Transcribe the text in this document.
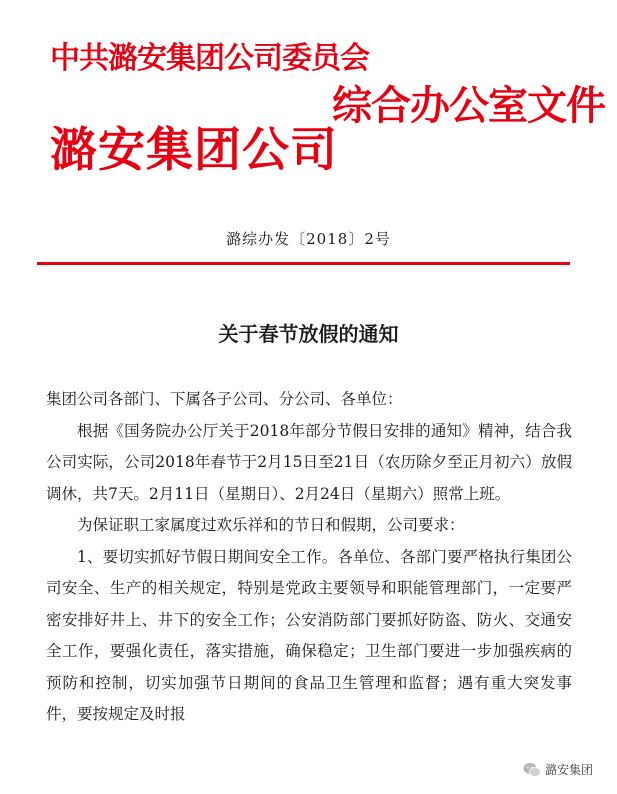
中共潞安集团公司委员会
综合办公室文件
潞安集团公司
潞综办发〔2018〕2号
关于春节放假的通知

集团公司各部门、下属各子公司、分公司、各单位：

根据《国务院办公厅关于2018年部分节假日安排的通知》精神，结合我公司实际，公司2018年春节于2月15日至21日（农历除夕至正月初六）放假调休，共7天。2月11日（星期日）、2月24日（星期六）照常上班。

为保证职工家属度过欢乐祥和的节日和假期，公司要求：

1、要切实抓好节假日期间安全工作。各单位、各部门要严格执行集团公司安全、生产的相关规定，特别是党政主要领导和职能管理部门，一定要严密安排好井上、井下的安全工作；公安消防部门要抓好防盗、防火、交通安全工作，要强化责任，落实措施，确保稳定；卫生部门要进一步加强疾病的预防和控制，切实加强节日期间的食品卫生管理和监督；遇有重大突发事件，要按规定及时报

潞安集团
